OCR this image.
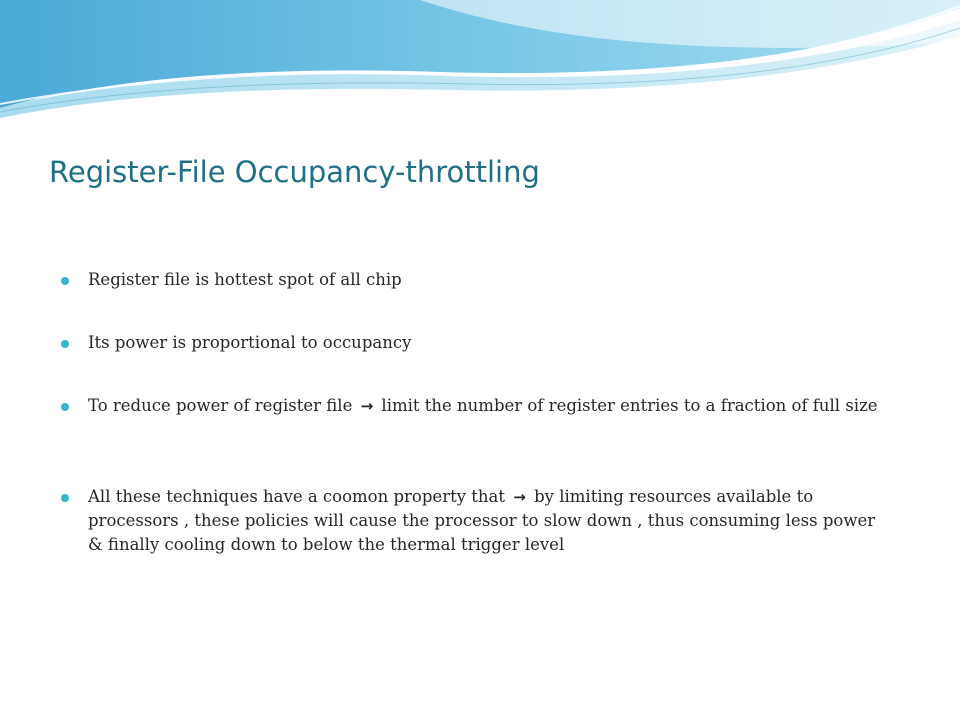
Register-File Occupancy-throttling
Register file is hottest spot of all chip
Its power is proportional to occupancy
To reduce power of register file → limit the number of register entries to a fraction of full size
All these techniques have a coomon property that → by limiting resources available to processors , these policies will cause the processor to slow down , thus consuming less power & finally cooling down to below the thermal trigger level
